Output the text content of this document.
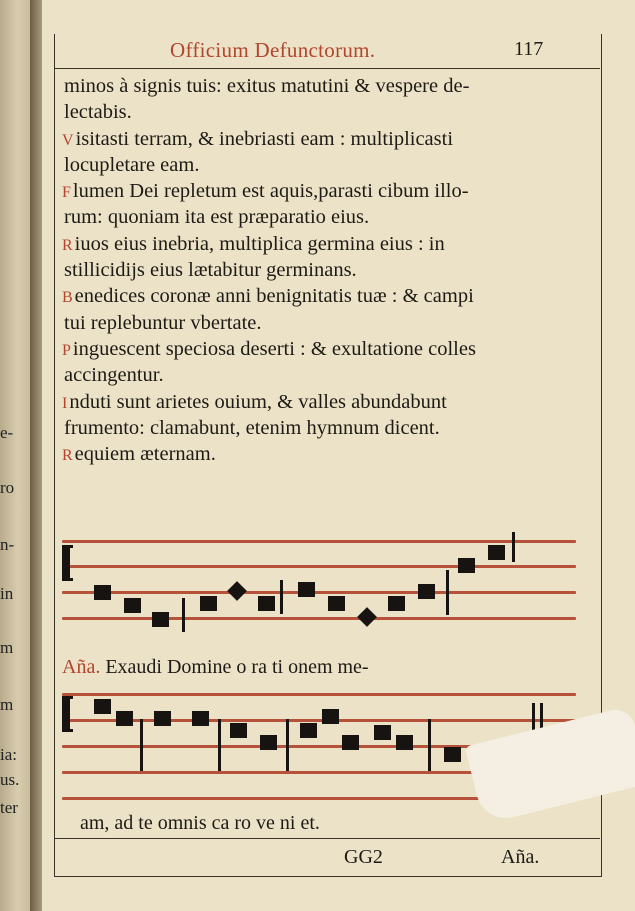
e-
ro
n-
in
m
m
ia:
us.
ter
Officium Defunctorum.	117
minos à signis tuis: exitus matutini & vespere de-
lectabis.
Visitasti terram, & inebriasti eam : multiplicasti
locupletare eam.
Flumen Dei repletum est aquis,parasti cibum illo-
rum: quoniam ita est præparatio eius.
Riuos eius inebria, multiplica germina eius : in
stillicidijs eius lætabitur germinans.
Benedices coronæ anni benignitatis tuæ : & campi
tui replebuntur vbertate.
Pinguescent speciosa deserti : & exultatione colles
accingentur.
Induti sunt arietes ouium, & valles abundabunt
frumento: clamabunt, etenim hymnum dicent.
Requiem æternam.
Aña. Exaudi Domine o ra ti onem me-
am, ad te omnis ca ro ve ni et.
GG2	Aña.
